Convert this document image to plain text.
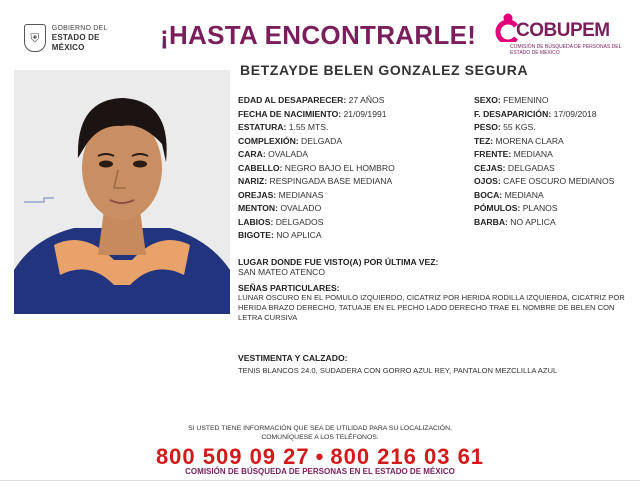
⛨
GOBIERNO DEL
ESTADO DE MÉXICO	¡HASTA ENCONTRARLE! COBUPEM
COMISIÓN DE BÚSQUEDA DE PERSONAS DEL ESTADO DE MÉXICO
BETZAYDE BELEN GONZALEZ SEGURA
EDAD AL DESAPARECER: 27 AÑOS	SEXO: FEMENINO
FECHA DE NACIMIENTO: 21/09/1991	F. DESAPARICIÓN: 17/09/2018
ESTATURA: 1.55 MTS.	PESO: 55 KGS.
COMPLEXIÓN: DELGADA	TEZ: MORENA CLARA
CARA: OVALADA	FRENTE: MEDIANA
CABELLO: NEGRO BAJO EL HOMBRO	CEJAS: DELGADAS
NARIZ: RESPINGADA BASE MEDIANA	OJOS: CAFE OSCURO MEDIANOS
OREJAS: MEDIANAS	BOCA: MEDIANA
MENTON: OVALADO	PÓMULOS: PLANOS
LABIOS: DELGADOS	BARBA: NO APLICA
BIGOTE: NO APLICA
LUGAR DONDE FUE VISTO(A) POR ÚLTIMA VEZ:
SAN MATEO ATENCO
SEÑAS PARTICULARES:
LUNAR OSCURO EN EL POMULO IZQUIERDO, CICATRIZ POR HERIDA RODILLA IZQUIERDA, CICATRIZ POR HERIDA BRAZO DERECHO, TATUAJE EN EL PECHO LADO DERECHO TRAE EL NOMBRE DE BELEN CON LETRA CURSIVA
VESTIMENTA Y CALZADO:
TENIS BLANCOS 24.0, SUDADERA CON GORRO AZUL REY, PANTALON MEZCLILLA AZUL
SI USTED TIENE INFORMACIÓN QUE SEA DE UTILIDAD PARA SU LOCALIZACIÓN,
COMUNÍQUESE A LOS TELÉFONOS:
800 509 09 27 • 800 216 03 61
COMISIÓN DE BÚSQUEDA DE PERSONAS EN EL ESTADO DE MÉXICO
